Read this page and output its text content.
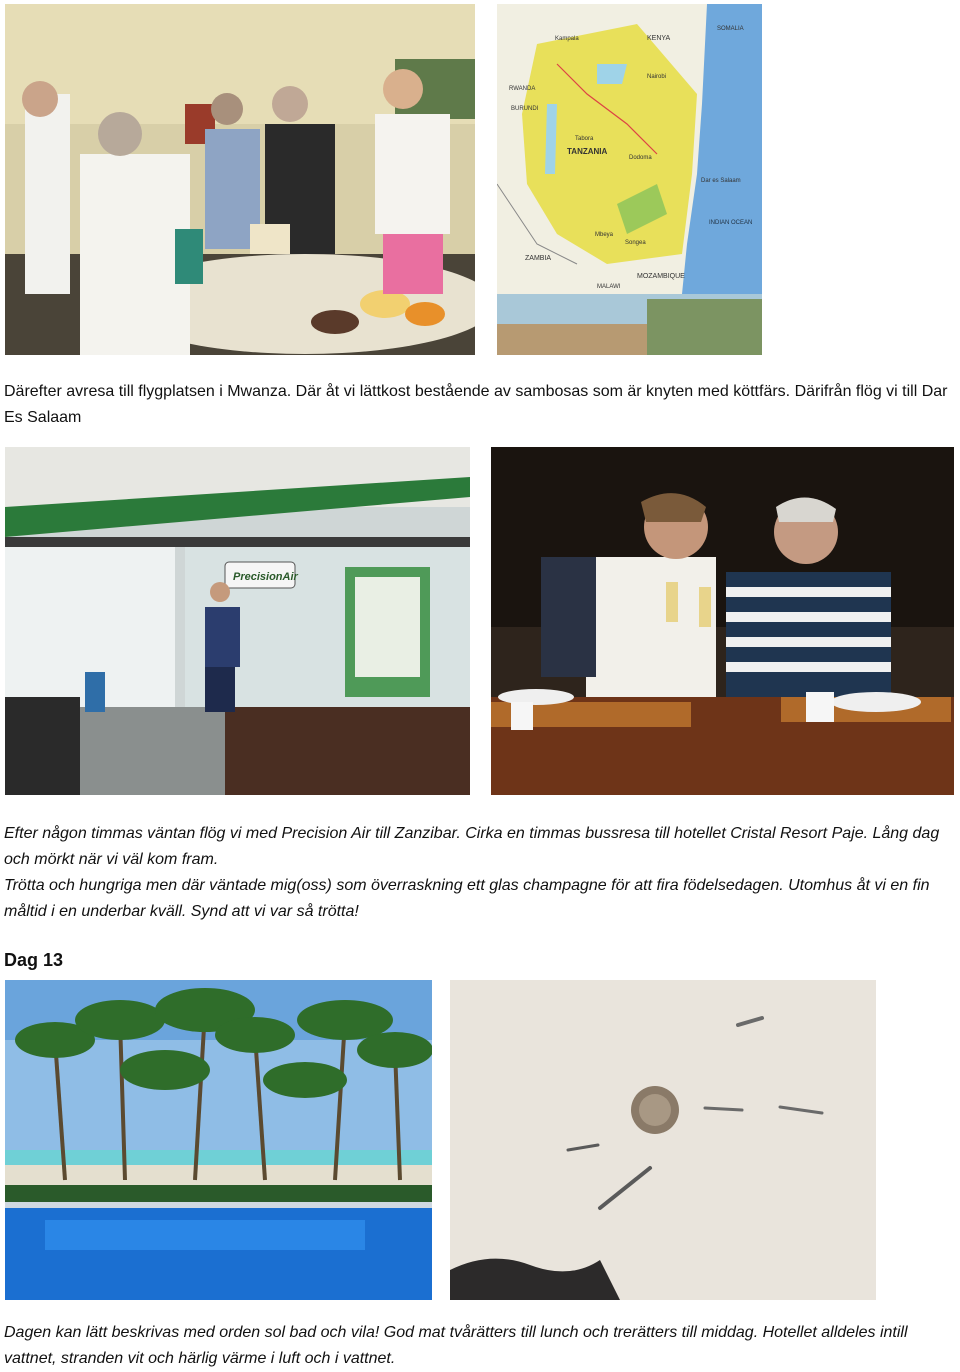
KENYA
SOMALIA
RWANDA
BURUNDI
TANZANIA
ZAMBIA
MALAWI
MOZAMBIQUE
INDIAN OCEAN
Dar es Salaam
Kampala
Nairobi
Tabora
Dodoma
Mbeya
Songea

Därefter avresa till flygplatsen i Mwanza. Där åt vi lättkost bestående av sambosas som är knyten med köttfärs. Därifrån flög vi till Dar Es Salaam

PrecisionAir
Efter någon timmas väntan flög vi med Precision Air till Zanzibar. Cirka en timmas bussresa till hotellet Cristal Resort Paje. Lång dag och mörkt när vi väl kom fram.
Trötta och hungriga men där väntade mig(oss) som överraskning ett glas champagne för att fira födelsedagen. Utomhus åt vi en fin måltid i en underbar kväll. Synd att vi var så trötta!
Dag 13

Dagen kan lätt beskrivas med orden sol bad och vila! God mat tvårätters till lunch och trerätters till middag. Hotellet alldeles intill vattnet, stranden vit och härlig värme i luft och i vattnet.
